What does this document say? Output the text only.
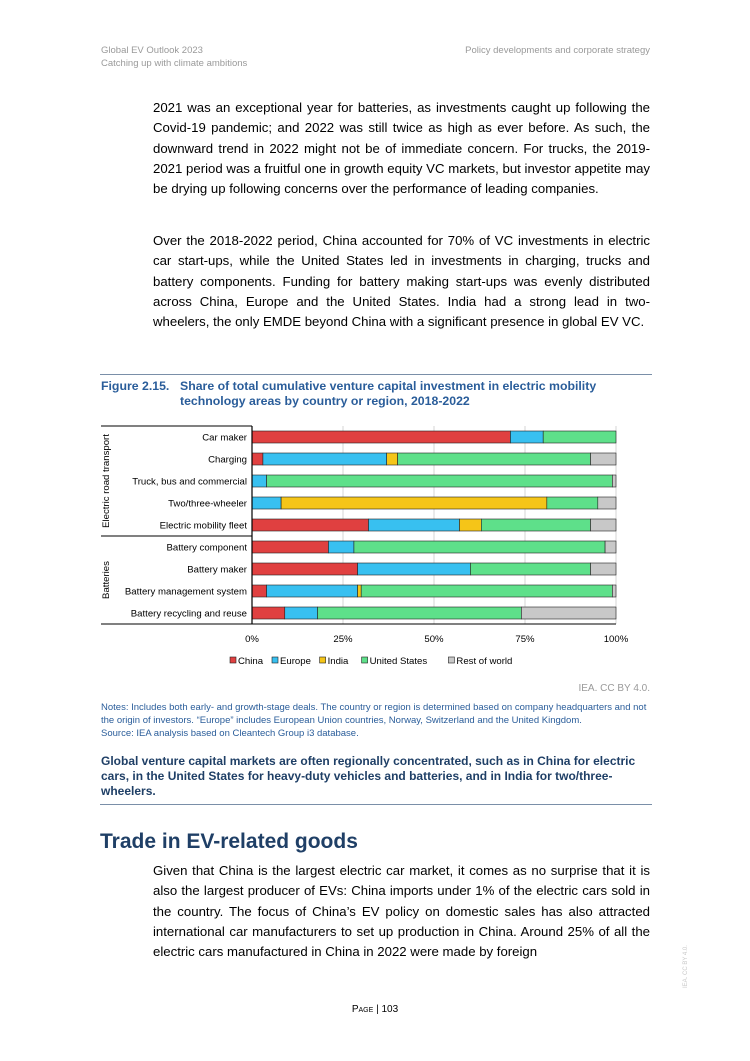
Global EV Outlook 2023
Catching up with climate ambitions
Policy developments and corporate strategy

2021 was an exceptional year for batteries, as investments caught up following the Covid-19 pandemic; and 2022 was still twice as high as ever before. As such, the downward trend in 2022 might not be of immediate concern. For trucks, the 2019-2021 period was a fruitful one in growth equity VC markets, but investor appetite may be drying up following concerns over the performance of leading companies.

Over the 2018-2022 period, China accounted for 70% of VC investments in electric car start-ups, while the United States led in investments in charging, trucks and battery components. Funding for battery making start-ups was evenly distributed across China, Europe and the United States. India had a strong lead in two-wheelers, the only EMDE beyond China with a significant presence in global EV VC.

Figure 2.15. Share of total cumulative venture capital investment in electric mobility technology areas by country or region, 2018-2022

Car maker
Charging
Truck, bus and commercial
Two/three-wheeler
Electric mobility fleet
Battery component
Battery maker
Battery management system
Battery recycling and reuse
Electric road transport
Batteries
0%	25%	50%	75%	100%
China Europe India United States	Rest of world
IEA. CC BY 4.0.

Notes: Includes both early- and growth-stage deals. The country or region is determined based on company headquarters and not the origin of investors. “Europe” includes European Union countries, Norway, Switzerland and the United Kingdom.

Source: IEA analysis based on Cleantech Group i3 database.

Global venture capital markets are often regionally concentrated, such as in China for electric cars, in the United States for heavy-duty vehicles and batteries, and in India for two/three-wheelers.

Trade in EV-related goods

Given that China is the largest electric car market, it comes as no surprise that it is also the largest producer of EVs: China imports under 1% of the electric cars sold in the country. The focus of China’s EV policy on domestic sales has also attracted international car manufacturers to set up production in China. Around 25% of all the electric cars manufactured in China in 2022 were made by foreign

Page | 103
IEA. CC BY 4.0.
